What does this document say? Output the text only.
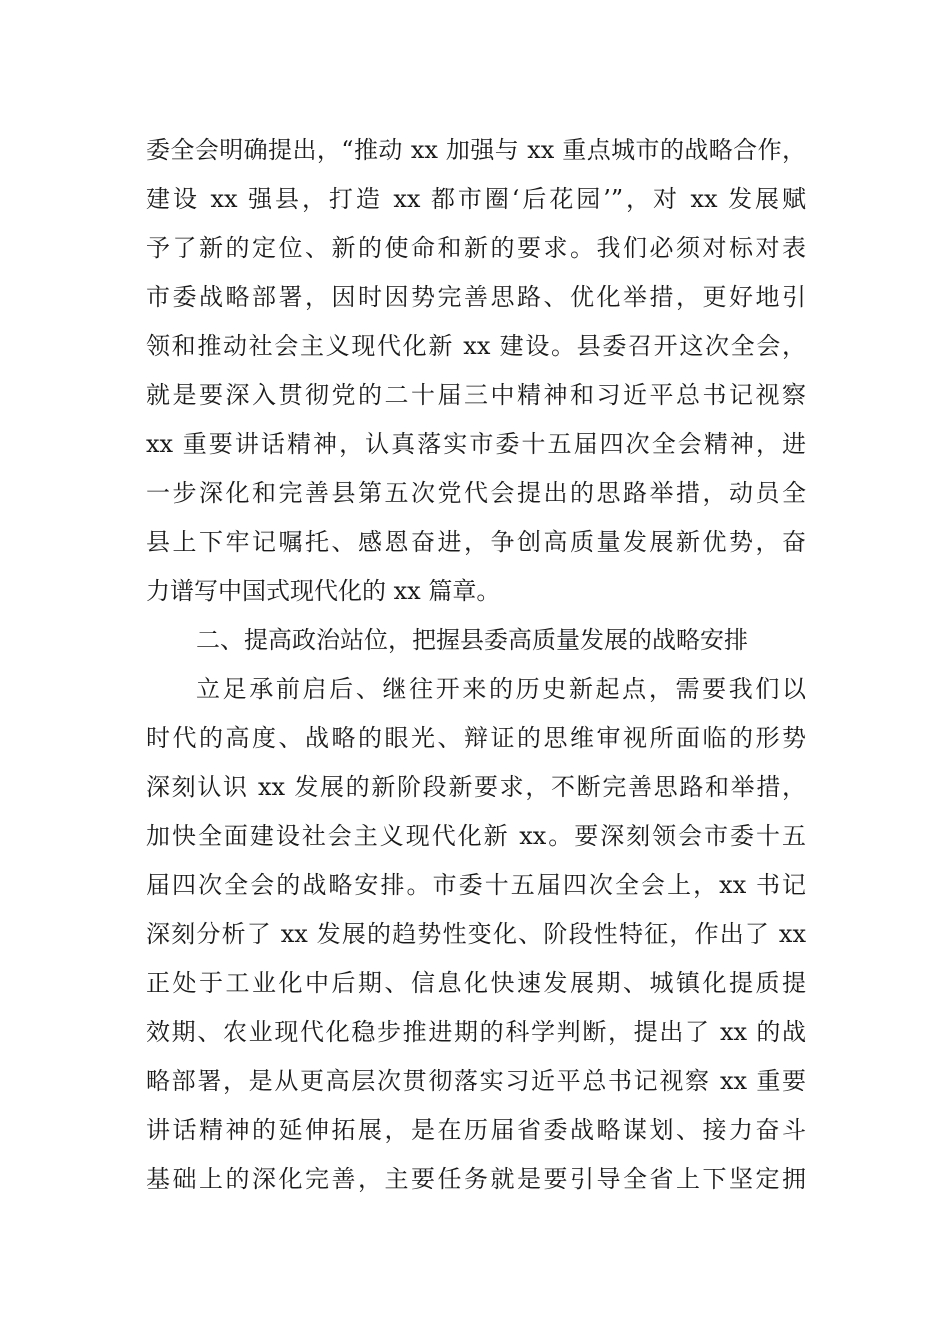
委全会明确提出，“推动 xx 加强与 xx 重点城市的战略合作，
建设 xx 强县，打造 xx 都市圈‘后花园’”，对 xx 发展赋
予了新的定位、新的使命和新的要求。我们必须对标对表
市委战略部署，因时因势完善思路、优化举措，更好地引
领和推动社会主义现代化新 xx 建设。县委召开这次全会，
就是要深入贯彻党的二十届三中精神和习近平总书记视察
xx 重要讲话精神，认真落实市委十五届四次全会精神，进
一步深化和完善县第五次党代会提出的思路举措，动员全
县上下牢记嘱托、感恩奋进，争创高质量发展新优势，奋
力谱写中国式现代化的 xx 篇章。
二、提高政治站位，把握县委高质量发展的战略安排
立足承前启后、继往开来的历史新起点，需要我们以
时代的高度、战略的眼光、辩证的思维审视所面临的形势
深刻认识 xx 发展的新阶段新要求，不断完善思路和举措，
加快全面建设社会主义现代化新 xx。要深刻领会市委十五
届四次全会的战略安排。市委十五届四次全会上，xx 书记
深刻分析了 xx 发展的趋势性变化、阶段性特征，作出了 xx
正处于工业化中后期、信息化快速发展期、城镇化提质提
效期、农业现代化稳步推进期的科学判断，提出了 xx 的战
略部署，是从更高层次贯彻落实习近平总书记视察 xx 重要
讲话精神的延伸拓展，是在历届省委战略谋划、接力奋斗
基础上的深化完善，主要任务就是要引导全省上下坚定拥
